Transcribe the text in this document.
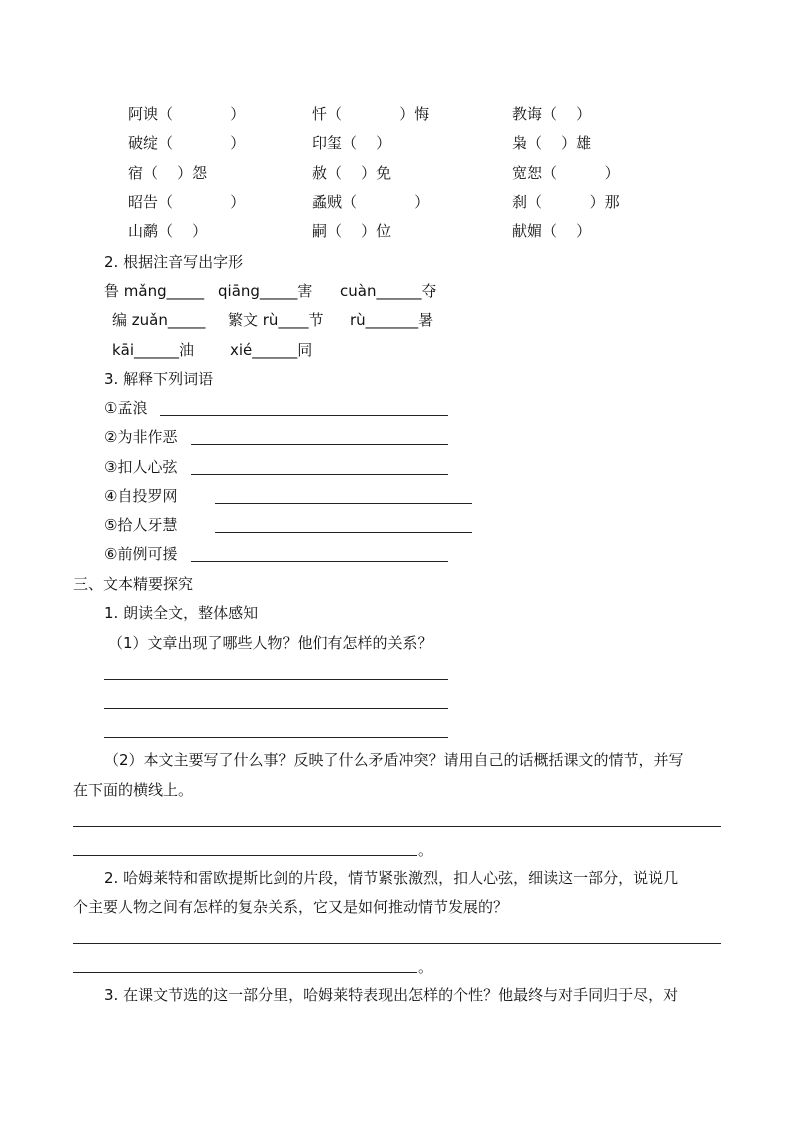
阿谀（            ）	忏（            ）悔	教诲（    ）
破绽（            ）	印玺（    ）	枭（    ）雄
宿（    ）怨	赦（    ）免	宽恕（          ）
昭告（            ）	蟊贼（            ）	刹（          ）那
山鹬（    ）	嗣（    ）位	献媚（    ）
2. 根据注音写出字形
鲁 mǎng_____ qiāng_____害 cuàn______夺
编 zuǎn_____ 繁文 rù____节 rù_______暑
kāi______油 xié______同
3. 解释下列词语
①孟浪
②为非作恶
③扣人心弦
④自投罗网
⑤拾人牙慧
⑥前例可援
三、文本精要探究
1. 朗读全文，整体感知
（1）文章出现了哪些人物？他们有怎样的关系？
（2）本文主要写了什么事？反映了什么矛盾冲突？请用自己的话概括课文的情节，并写
在下面的横线上。
。
2. 哈姆莱特和雷欧提斯比剑的片段，情节紧张激烈，扣人心弦，细读这一部分，说说几
个主要人物之间有怎样的复杂关系，它又是如何推动情节发展的？
。
3. 在课文节选的这一部分里，哈姆莱特表现出怎样的个性？他最终与对手同归于尽，对
